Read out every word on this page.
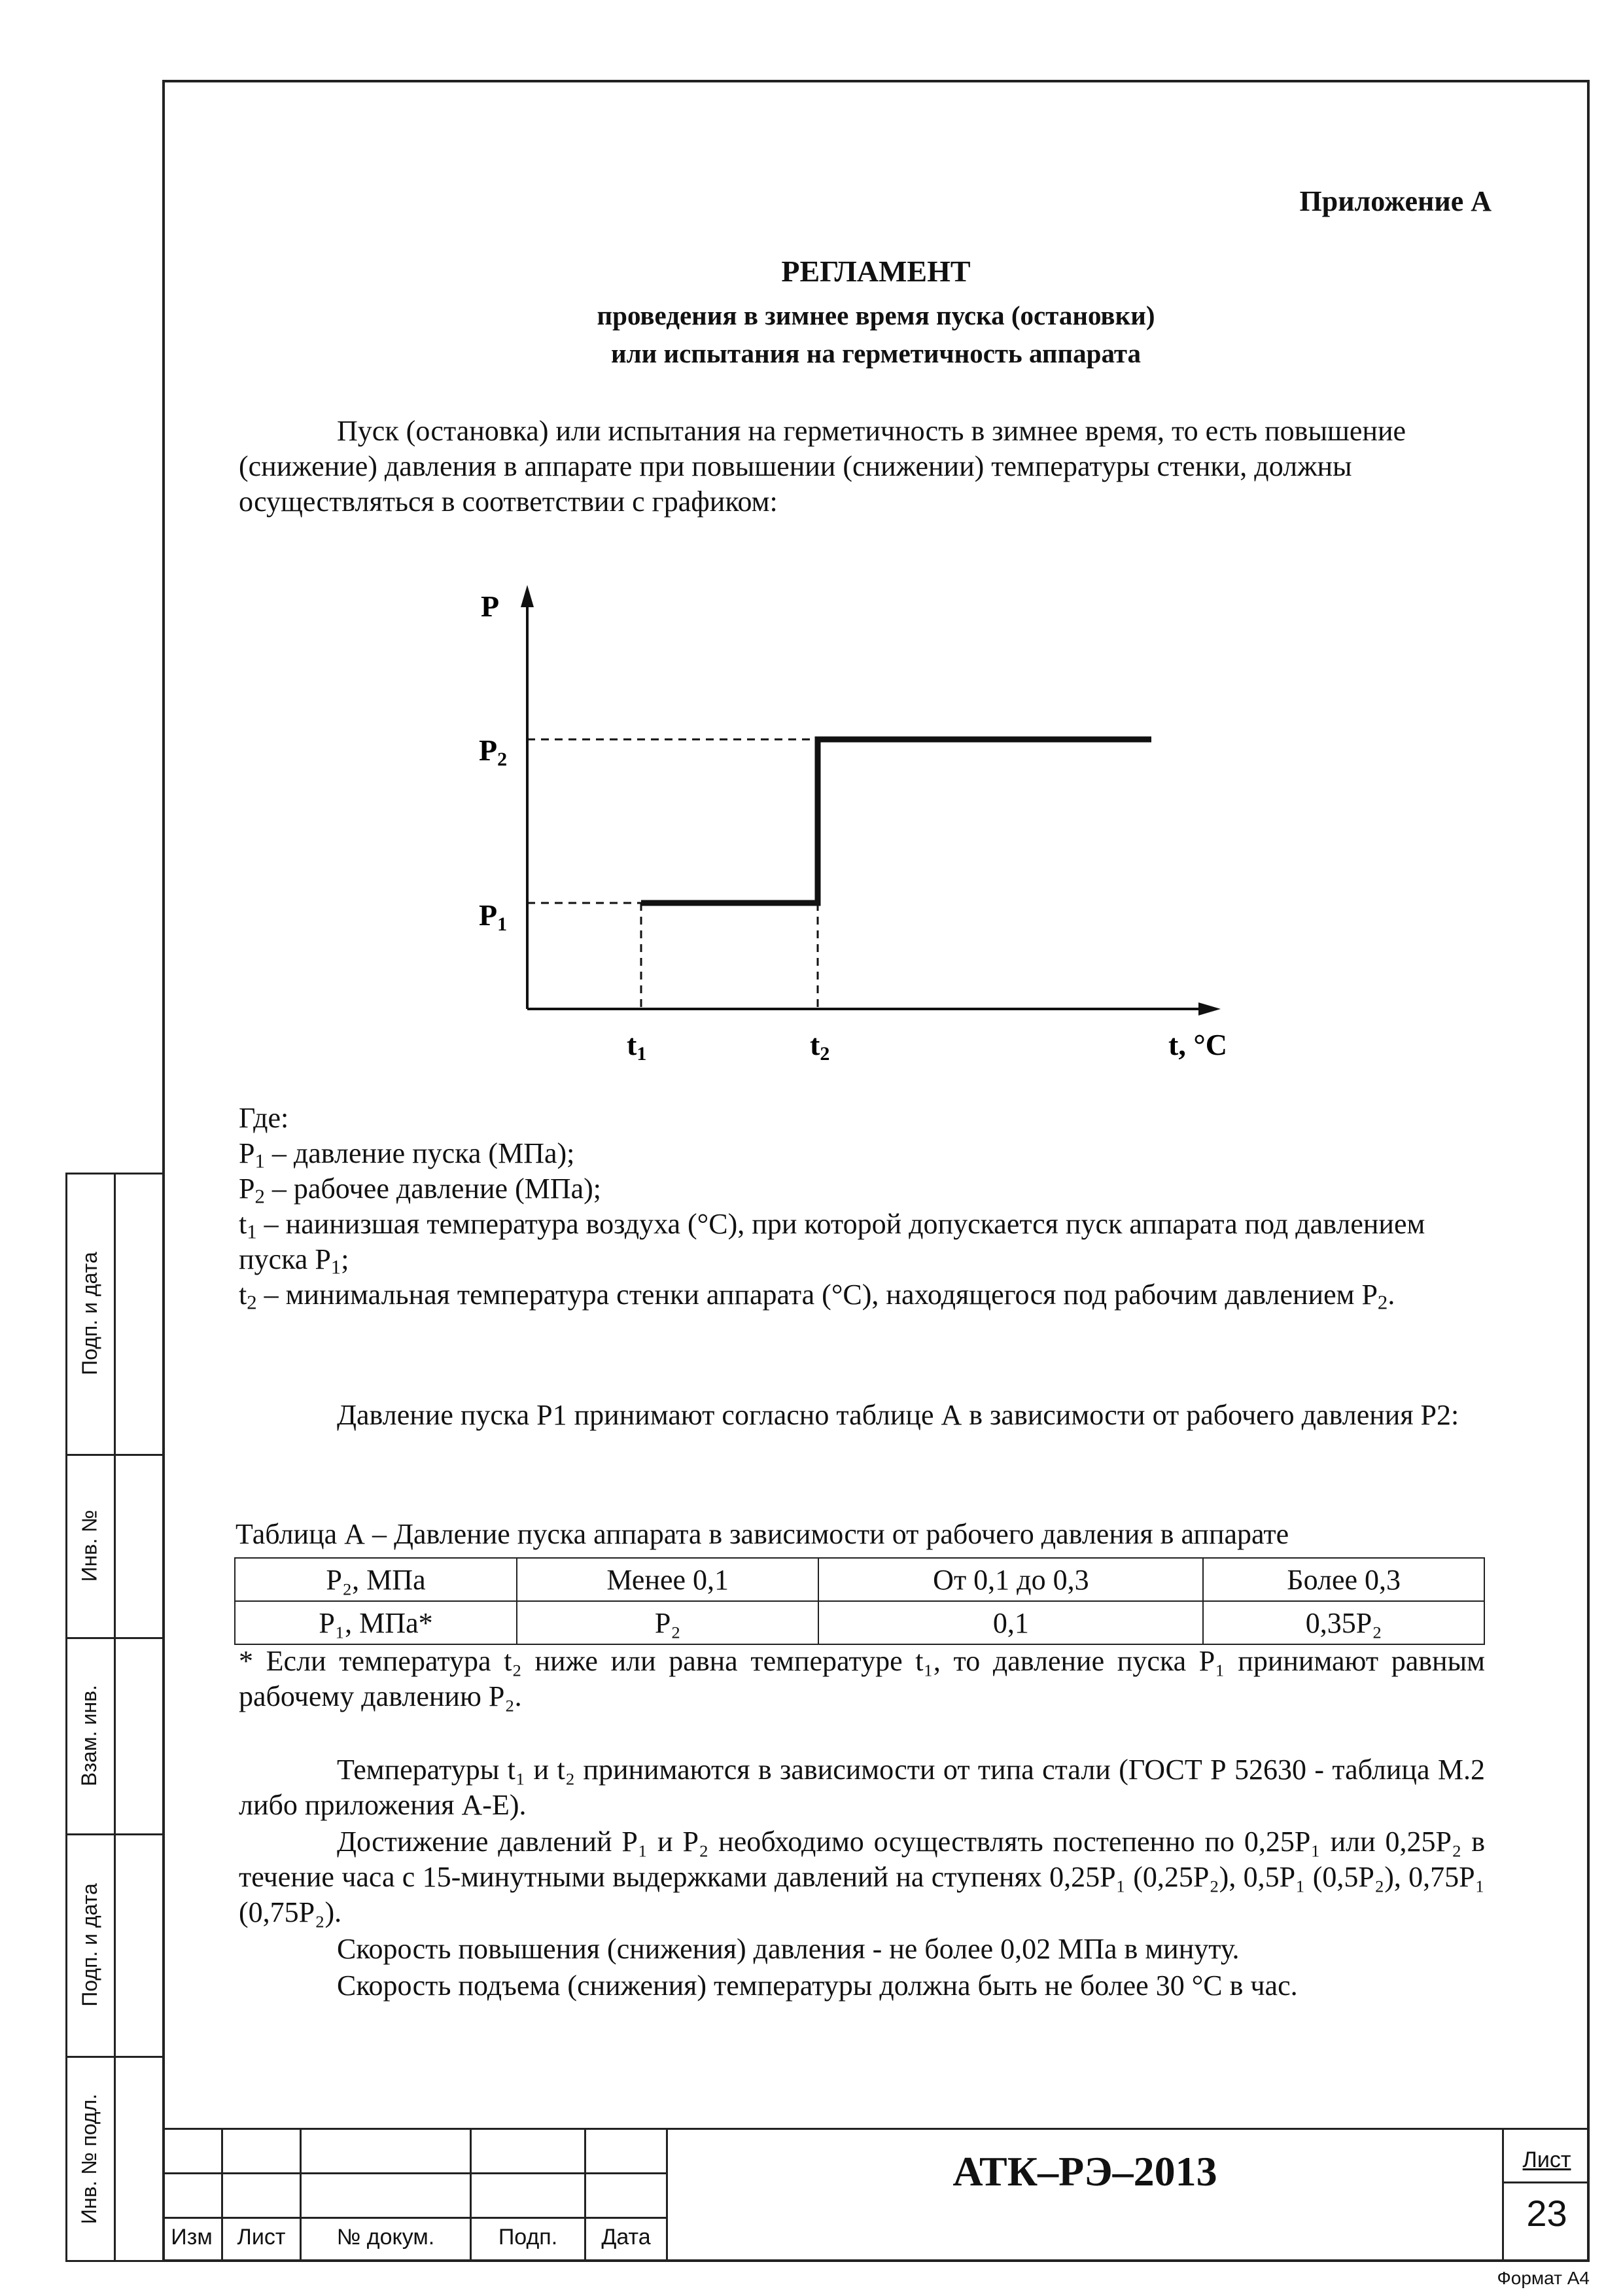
Приложение А
РЕГЛАМЕНТ
проведения в зимнее время пуска (остановки)
или испытания на герметичность аппарата
Пуск (остановка) или испытания на герметичность в зимнее время, то есть повышение (снижение) давления в аппарате при повышении (снижении) температуры стенки, должны осуществляться в соответствии с графиком:
P
P2
P1
t1	t2	t, °C
Где:
$P_1$ – давление пуска (МПа);
$P_2$ – рабочее давление (МПа);
$t_1$ – наинизшая температура воздуха (°С), при которой допускается пуск аппарата под давлением пуска $P_1$;
$t_2$ – минимальная температура стенки аппарата (°С), находящегося под рабочим давлением $P_2$.
Давление пуска P1 принимают согласно таблице А в зависимости от рабочего давления P2:
Таблица А – Давление пуска аппарата в зависимости от рабочего давления в аппарате
P₂, МПа	Менее 0,1	От 0,1 до 0,3	Более 0,3
P₁, МПа*	P₂	0,1	0,35P₂
* Если температура t₂ ниже или равна температуре t₁, то давление пуска P₁ принимают равным рабочему давлению P₂.
Температуры t₁ и t₂ принимаются в зависимости от типа стали (ГОСТ Р 52630 - таблица М.2 либо приложения А-Е).
Достижение давлений P₁ и P₂ необходимо осуществлять постепенно по 0,25P₁ или 0,25P₂ в течение часа с 15-минутными выдержками давлений на ступенях 0,25P₁ (0,25P₂), 0,5P₁ (0,5P₂), 0,75P₁ (0,75P₂).
Скорость повышения (снижения) давления - не более 0,02 МПа в минуту.
Скорость подъема (снижения) температуры должна быть не более 30 °С в час.
Подп. и дата
Инв. №
Взам. инв.
Подп. и дата
Инв. № подл.
Изм	Лист	№ докум.	Подп.	Дата
АТК–РЭ–2013	Лист
23
Формат А4
